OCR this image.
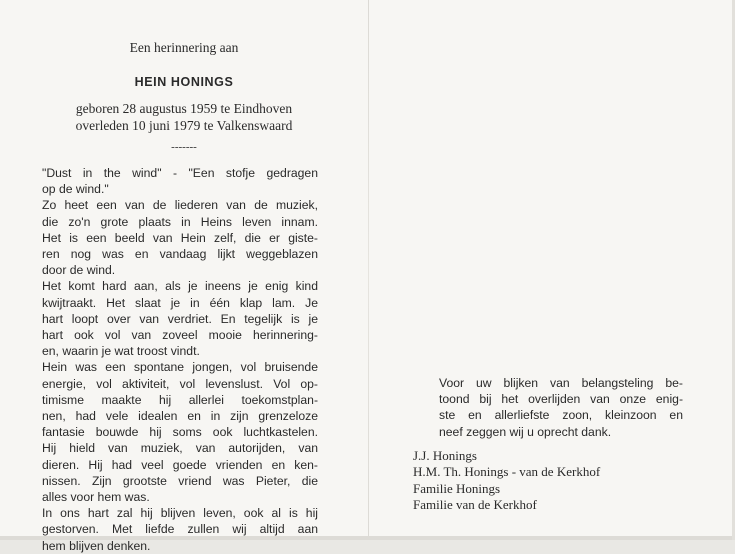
Een herinnering aan
HEIN HONINGS
geboren 28 augustus 1959 te Eindhoven
overleden 10 juni 1979 te Valkenswaard
-------
"Dust in the wind" - "Een stofje gedragen
op de wind."
Zo heet een van de liederen van de muziek,
die zo'n grote plaats in Heins leven innam.
Het is een beeld van Hein zelf, die er giste-
ren nog was en vandaag lijkt weggeblazen
door de wind.
Het komt hard aan, als je ineens je enig kind
kwijtraakt. Het slaat je in één klap lam. Je
hart loopt over van verdriet. En tegelijk is je
hart ook vol van zoveel mooie herinnering-
en, waarin je wat troost vindt.
Hein was een spontane jongen, vol bruisende
energie, vol aktiviteit, vol levenslust. Vol op-
timisme maakte hij allerlei toekomstplan-
nen, had vele idealen en in zijn grenzeloze
fantasie bouwde hij soms ook luchtkastelen.
Hij hield van muziek, van autorijden, van
dieren. Hij had veel goede vrienden en ken-
nissen. Zijn grootste vriend was Pieter, die
alles voor hem was.
In ons hart zal hij blijven leven, ook al is hij
gestorven. Met liefde zullen wij altijd aan
hem blijven denken.
Voor uw blijken van belangsteling be-
toond bij het overlijden van onze enig-
ste en allerliefste zoon, kleinzoon en
neef zeggen wij u oprecht dank.
J.J. Honings
H.M. Th. Honings - van de Kerkhof
Familie Honings
Familie van de Kerkhof
